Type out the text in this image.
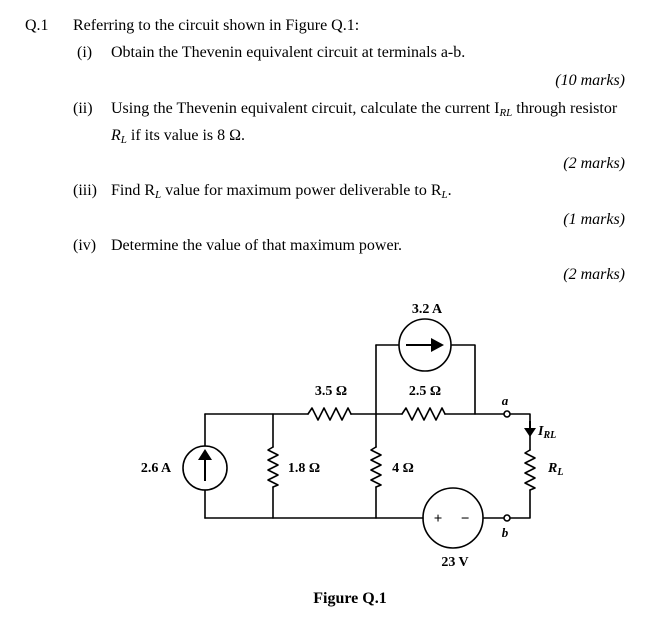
Q.1 Referring to the circuit shown in Figure Q.1:
(i) Obtain the Thevenin equivalent circuit at terminals a-b.
(10 marks)
(ii) Using the Thevenin equivalent circuit, calculate the current $I_{RL}$ through resistor
$R_L$ if its value is 8 Ω.
(2 marks)
(iii) Find $R_L$ value for maximum power deliverable to $R_L$.
(1 marks)
(iv) Determine the value of that maximum power.
(2 marks)
3.2 A
2.6 A
3.5 Ω	2.5 Ω
1.8 Ω	4 Ω
+ −
23 V
a
b
$I_{RL}$
$R_L$
Figure Q.1
